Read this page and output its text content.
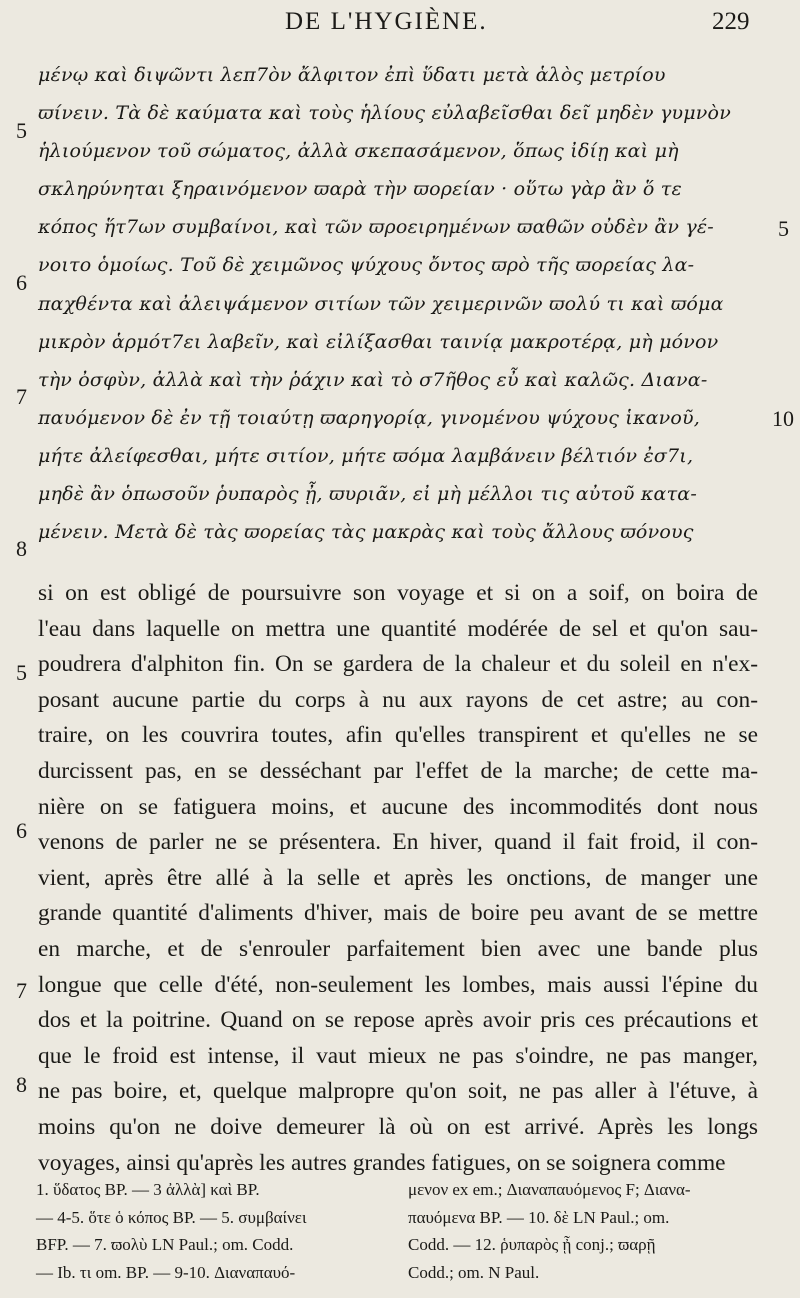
DE L'HYGIÈNE.	229
μένῳ καὶ διψῶντι λεπ7ὸν ἄλφιτον ἐπὶ ὕδατι μετὰ ἁλὸς μετρίου
ϖίνειν. Τὰ δὲ καύματα καὶ τοὺς ἡλίους εὐλαβεῖσθαι δεῖ μηδὲν γυμνὸν
ἡλιούμενον τοῦ σώματος, ἀλλὰ σκεπασάμενον, ὅπως ἰδίῃ καὶ μὴ
σκληρύνηται ξηραινόμενον ϖαρὰ τὴν ϖορείαν · οὕτω γὰρ ἂν ὅ τε
κόπος ἥτ7ων συμβαίνοι, καὶ τῶν ϖροειρημένων ϖαθῶν οὐδὲν ἂν γέ-
νοιτο ὁμοίως. Τοῦ δὲ χειμῶνος ψύχους ὄντος ϖρὸ τῆς ϖορείας λα-
παχθέντα καὶ ἀλειψάμενον σιτίων τῶν χειμερινῶν ϖολύ τι καὶ ϖόμα
μικρὸν ἁρμότ7ει λαβεῖν, καὶ εἰλίξασθαι ταινίᾳ μακροτέρᾳ, μὴ μόνον
τὴν ὀσφὺν, ἀλλὰ καὶ τὴν ῥάχιν καὶ τὸ σ7ῆθος εὖ καὶ καλῶς. Διανα-
παυόμενον δὲ ἐν τῇ τοιαύτῃ ϖαρηγορίᾳ, γινομένου ψύχους ἱκανοῦ,
μήτε ἀλείφεσθαι, μήτε σιτίον, μήτε ϖόμα λαμβάνειν βέλτιόν ἐσ7ι,
μηδὲ ἂν ὁπωσοῦν ῥυπαρὸς ᾖ, ϖυριᾶν, εἰ μὴ μέλλοι τις αὐτοῦ κατα-
μένειν. Μετὰ δὲ τὰς ϖορείας τὰς μακρὰς καὶ τοὺς ἄλλους ϖόνους
5
6
7
8
5
10
si on est obligé de poursuivre son voyage et si on a soif, on boira de
l'eau dans laquelle on mettra une quantité modérée de sel et qu'on sau-
poudrera d'alphiton fin. On se gardera de la chaleur et du soleil en n'ex-
posant aucune partie du corps à nu aux rayons de cet astre; au con-
traire, on les couvrira toutes, afin qu'elles transpirent et qu'elles ne se
durcissent pas, en se desséchant par l'effet de la marche; de cette ma-
nière on se fatiguera moins, et aucune des incommodités dont nous
venons de parler ne se présentera. En hiver, quand il fait froid, il con-
vient, après être allé à la selle et après les onctions, de manger une
grande quantité d'aliments d'hiver, mais de boire peu avant de se mettre
en marche, et de s'enrouler parfaitement bien avec une bande plus
longue que celle d'été, non-seulement les lombes, mais aussi l'épine du
dos et la poitrine. Quand on se repose après avoir pris ces précautions et
que le froid est intense, il vaut mieux ne pas s'oindre, ne pas manger,
ne pas boire, et, quelque malpropre qu'on soit, ne pas aller à l'étuve, à
moins qu'on ne doive demeurer là où on est arrivé. Après les longs
voyages, ainsi qu'après les autres grandes fatigues, on se soignera comme
5
6
7
8
1. ὕδατος BP. — 3 ἀλλὰ] καὶ BP.
— 4-5. ὅτε ὁ κόπος BP. — 5. συμβαίνει
BFP. — 7. ϖολὺ LN Paul.; om. Codd.
— Ib. τι om. BP. — 9-10. Διαναπαυό-
μενον ex em.; Διαναπαυόμενος F; Διανα-
παυόμενα BP. — 10. δὲ LN Paul.; om.
Codd. — 12. ῥυπαρὸς ᾖ conj.; ϖαρῇ
Codd.; om. N Paul.
